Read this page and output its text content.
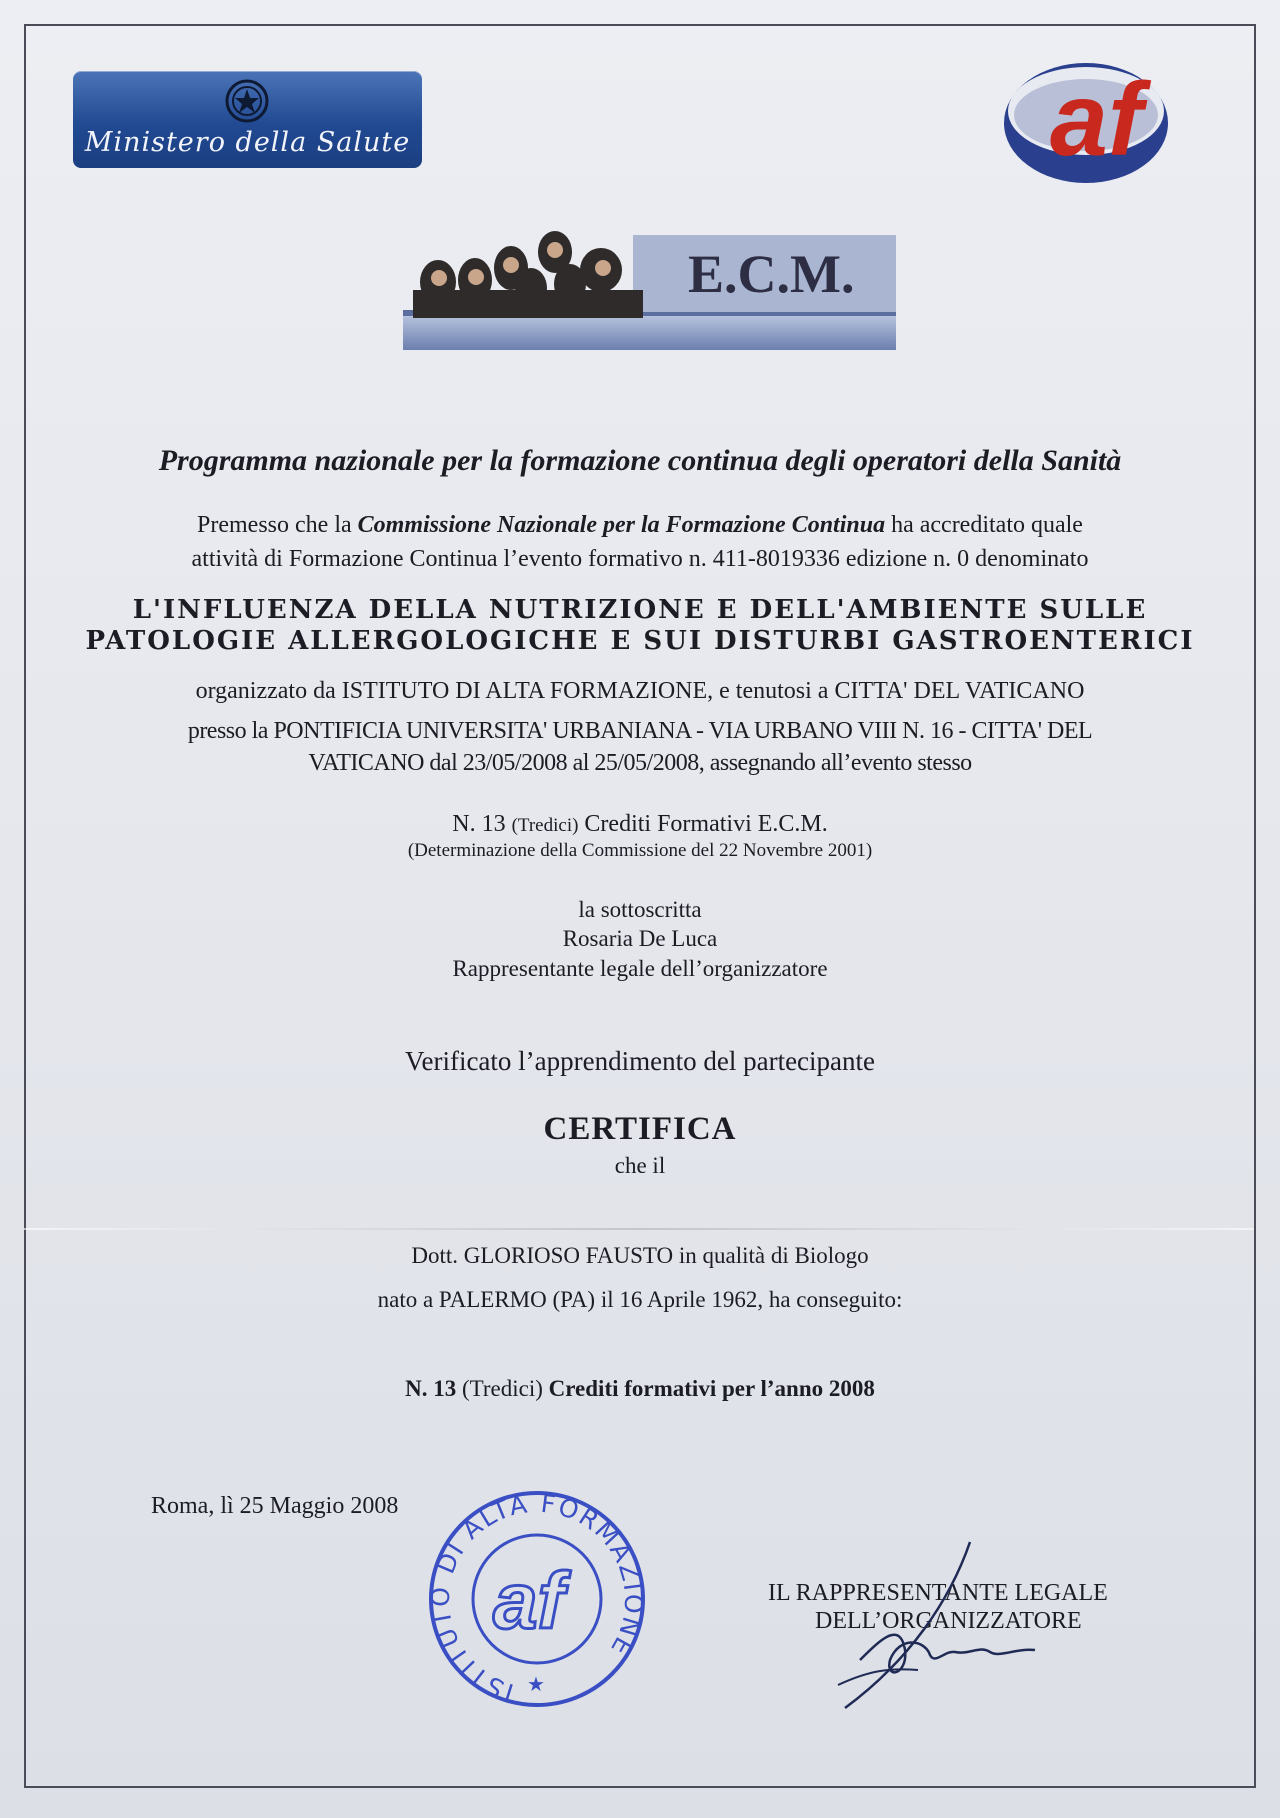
Ministero della Salute	af
E.C.M.
Programma nazionale per la formazione continua degli operatori della Sanità
Premesso che la Commissione Nazionale per la Formazione Continua ha accreditato quale
attività di Formazione Continua l’evento formativo n. 411-8019336 edizione n. 0 denominato
L'INFLUENZA DELLA NUTRIZIONE E DELL'AMBIENTE SULLE
PATOLOGIE ALLERGOLOGICHE E SUI DISTURBI GASTROENTERICI
organizzato da ISTITUTO DI ALTA FORMAZIONE, e tenutosi a CITTA' DEL VATICANO
presso la PONTIFICIA UNIVERSITA' URBANIANA - VIA URBANO VIII N. 16 - CITTA' DEL
VATICANO dal 23/05/2008 al 25/05/2008, assegnando all’evento stesso
N. 13 (Tredici) Crediti Formativi E.C.M.
(Determinazione della Commissione del 22 Novembre 2001)
la sottoscritta
Rosaria De Luca
Rappresentante legale dell’organizzatore
Verificato l’apprendimento del partecipante
CERTIFICA
che il
Dott. GLORIOSO FAUSTO in qualità di Biologo
nato a PALERMO (PA) il 16 Aprile 1962, ha conseguito:
N. 13 (Tredici) Crediti formativi per l’anno 2008
Roma, lì 25 Maggio 2008
ISTITUTO DI ALTA FORMAZIONE
af
★
IL RAPPRESENTANTE LEGALE
DELL’ORGANIZZATORE
